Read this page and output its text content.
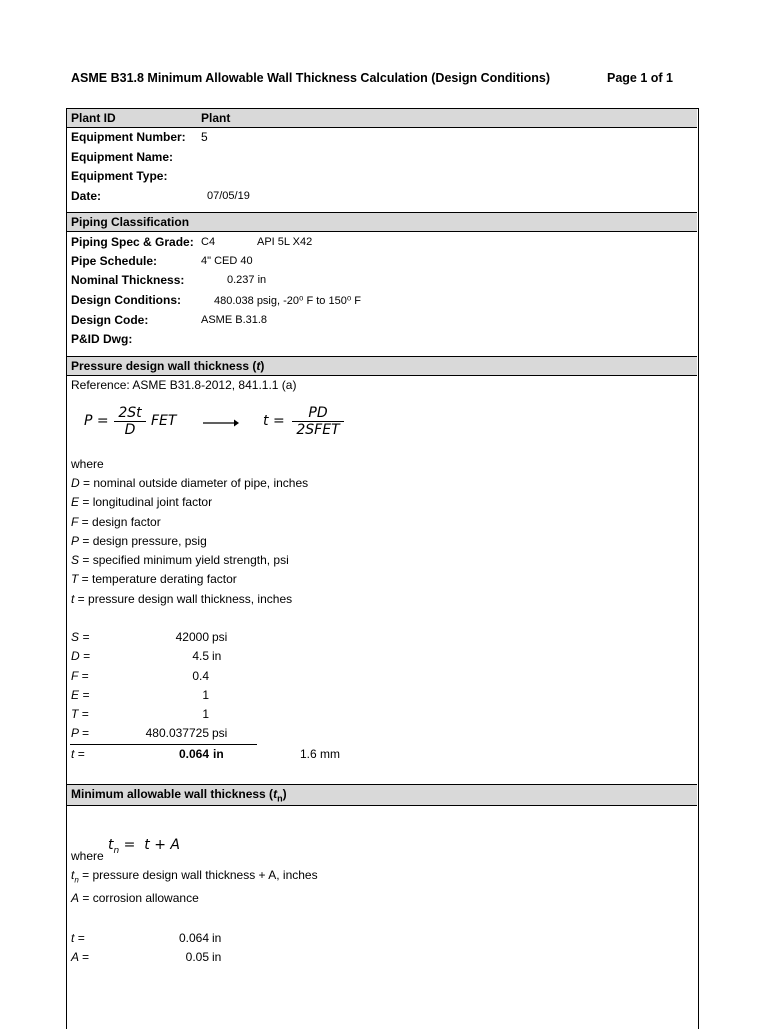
ASME B31.8 Minimum Allowable Wall Thickness Calculation (Design Conditions)	Page 1 of 1
Plant ID	Plant
Equipment Number: 5
Equipment Name:
Equipment Type:
Date:	07/05/19
Piping Classification
Piping Spec & Grade: C4	API 5L X42
Pipe Schedule:	4" CED 40
Nominal Thickness:	0.237 in
Design Conditions:	480.038 psig, -20⁰ F to 150⁰ F
Design Code:	ASME B.31.8
P&ID Dwg:
Pressure design wall thickness (t)
Reference: ASME B31.8-2012, 841.1.1 (a)
$P = \frac{2St}{D}$ FET	t =	PD
2SFET
where
D = nominal outside diameter of pipe, inches
E = longitudinal joint factor
F = design factor
P = design pressure, psig
S = specified minimum yield strength, psi
T = temperature derating factor
t = pressure design wall thickness, inches
S =	42000 psi
D =	4.5 in
F =	0.4
E =	1
T =	1
P =	480.037725 psi
t =	0.064 in	1.6 mm
Minimum allowable wall thickness $(t_n)$
$t_n = t + A$
where
$t_n$ = pressure design wall thickness + A, inches
A = corrosion allowance
t =	0.064 in
A =	0.05 in
